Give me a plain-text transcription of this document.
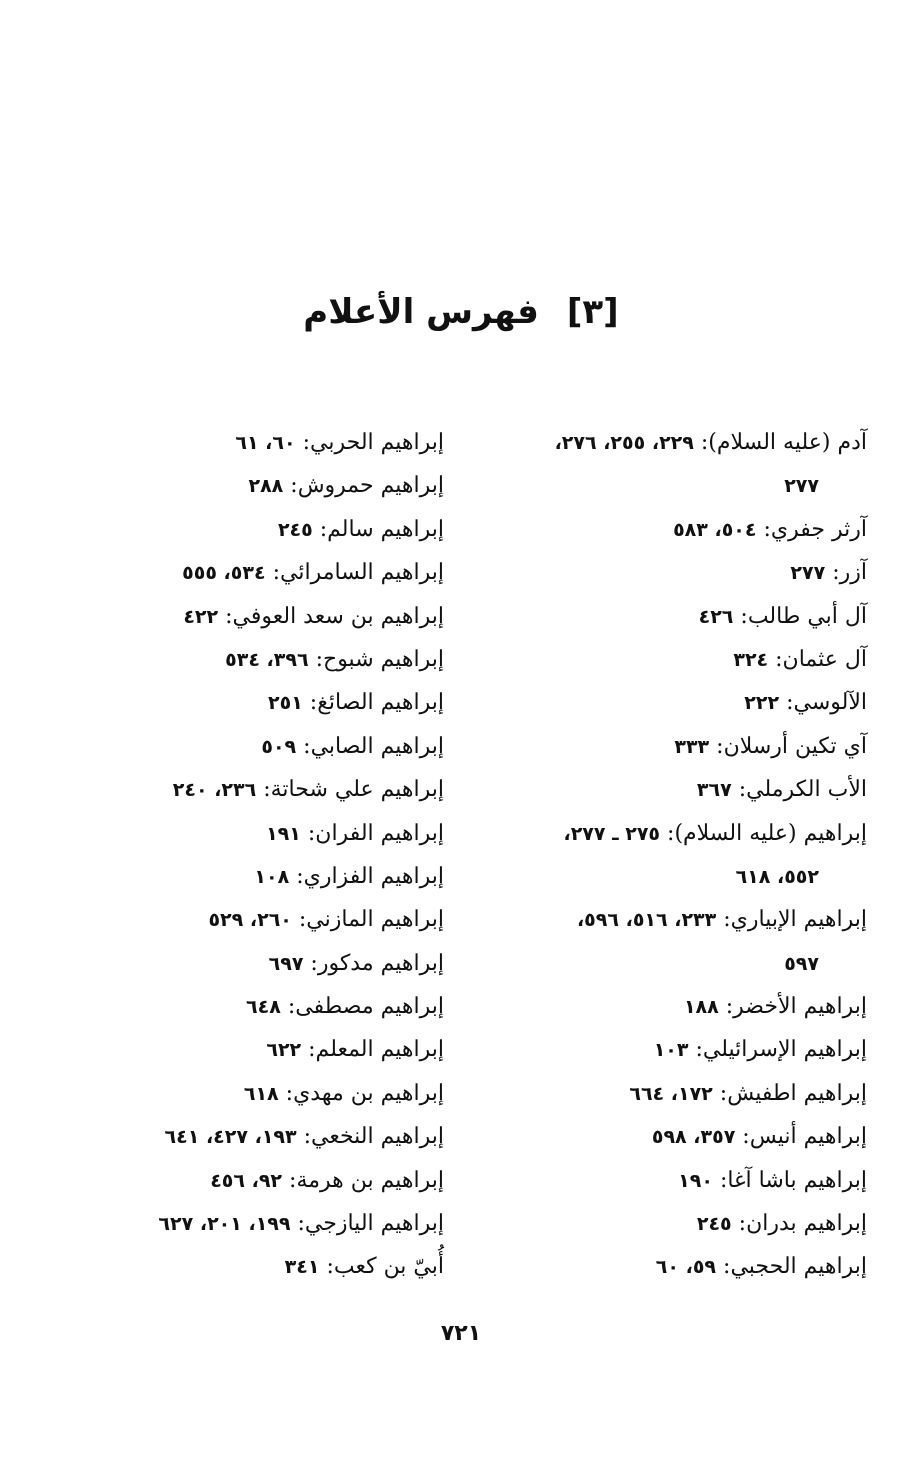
[٣]فهرس الأعلام
آدم (عليه السلام): ٢٢٩، ٢٥٥، ٢٧٦،
٢٧٧
آرثر جفري: ٥٠٤، ٥٨٣
آزر: ٢٧٧
آل أبي طالب: ٤٢٦
آل عثمان: ٣٢٤
الآلوسي: ٢٢٢
آي تكين أرسلان: ٣٣٣
الأب الكرملي: ٣٦٧
إبراهيم (عليه السلام): ٢٧٥ ـ ٢٧٧،
٥٥٢، ٦١٨
إبراهيم الإبياري: ٢٣٣، ٥١٦، ٥٩٦،
٥٩٧
إبراهيم الأخضر: ١٨٨
إبراهيم الإسرائيلي: ١٠٣
إبراهيم اطفيش: ١٧٢، ٦٦٤
إبراهيم أنيس: ٣٥٧، ٥٩٨
إبراهيم باشا آغا: ١٩٠
إبراهيم بدران: ٢٤٥
إبراهيم الحجبي: ٥٩، ٦٠
إبراهيم الحربي: ٦٠، ٦١
إبراهيم حمروش: ٢٨٨
إبراهيم سالم: ٢٤٥
إبراهيم السامرائي: ٥٣٤، ٥٥٥
إبراهيم بن سعد العوفي: ٤٢٢
إبراهيم شبوح: ٣٩٦، ٥٣٤
إبراهيم الصائغ: ٢٥١
إبراهيم الصابي: ٥٠٩
إبراهيم علي شحاتة: ٢٣٦، ٢٤٠
إبراهيم الفران: ١٩١
إبراهيم الفزاري: ١٠٨
إبراهيم المازني: ٢٦٠، ٥٢٩
إبراهيم مدكور: ٦٩٧
إبراهيم مصطفى: ٦٤٨
إبراهيم المعلم: ٦٢٢
إبراهيم بن مهدي: ٦١٨
إبراهيم النخعي: ١٩٣، ٤٢٧، ٦٤١
إبراهيم بن هرمة: ٩٢، ٤٥٦
إبراهيم اليازجي: ١٩٩، ٢٠١، ٦٢٧
أُبيّ بن كعب: ٣٤١
٧٢١
